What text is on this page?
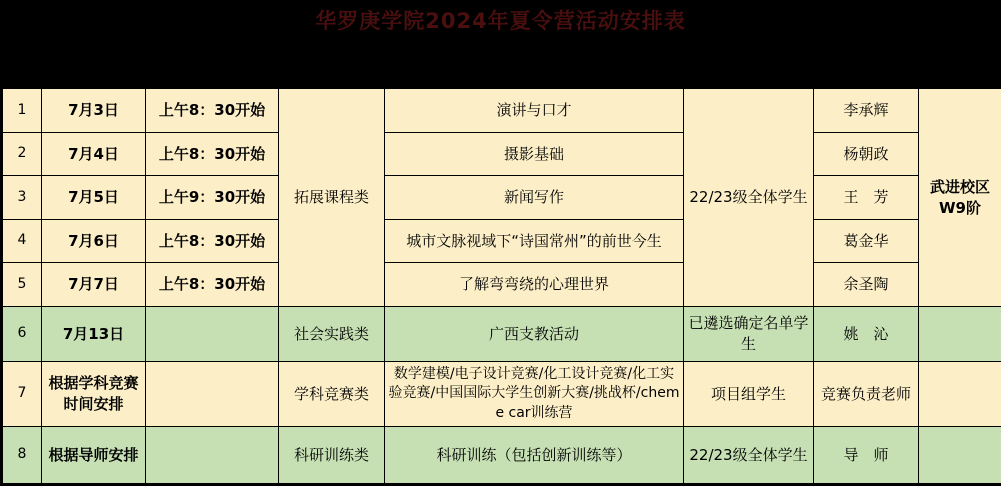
华罗庚学院2024年夏令营活动安排表
1	7月3日	上午8：30开始	拓展课程类	演讲与口才	22/23级全体学生	李承辉	武进校区W9阶
2	7月4日	上午8：30开始		摄影基础		杨朝政	
3	7月5日	上午9：30开始		新闻写作		王　芳	
4	7月6日	上午8：30开始		城市文脉视域下“诗国常州”的前世今生		葛金华	
5	7月7日	上午8：30开始		了解弯弯绕的心理世界		余圣陶	
6	7月13日		社会实践类	广西支教活动	已遴选确定名单学生	姚　沁	
7	根据学科竞赛时间安排		学科竞赛类	数学建模/电子设计竞赛/化工设计竞赛/化工实验竞赛/中国国际大学生创新大赛/挑战杯/chem e car训练营	项目组学生	竞赛负责老师	
8	根据导师安排		科研训练类	科研训练（包括创新训练等）	22/23级全体学生	导　师	
